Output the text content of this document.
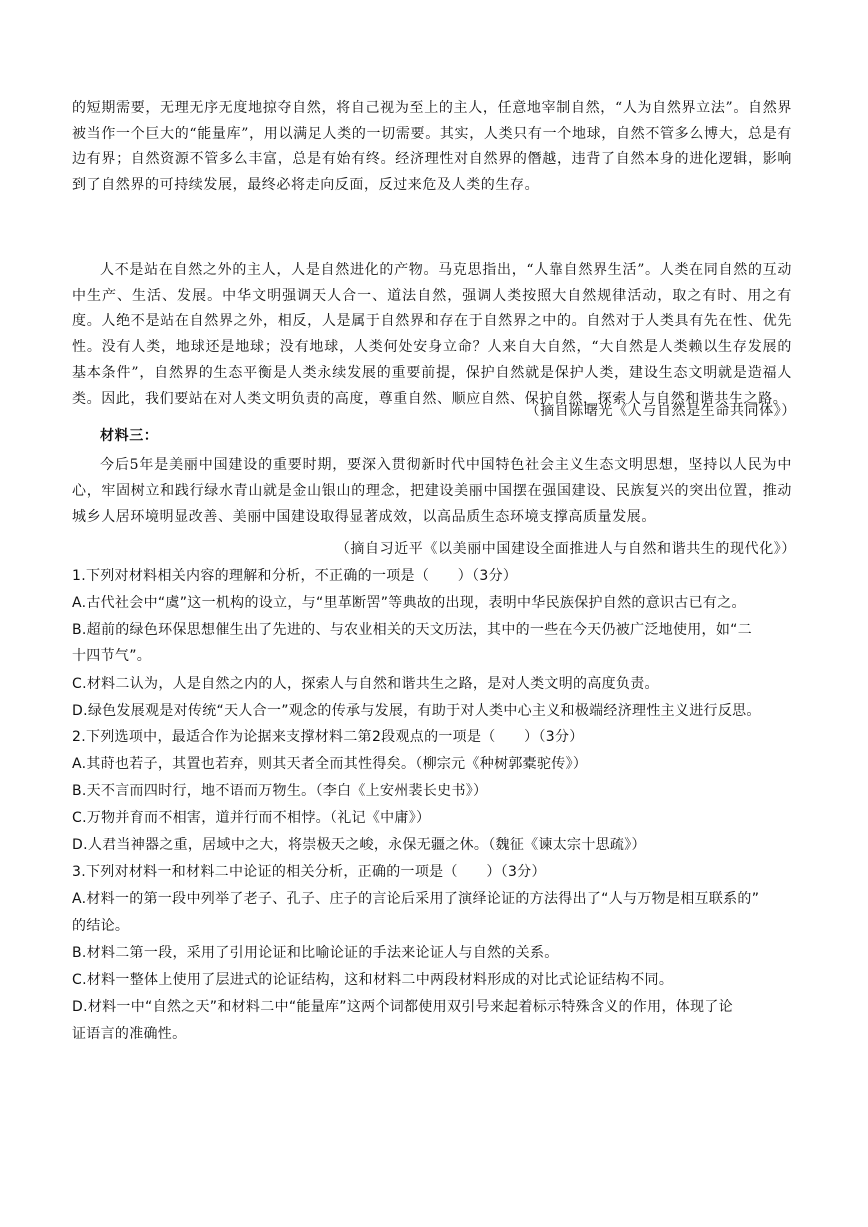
的短期需要，无理无序无度地掠夺自然，将自己视为至上的主人，任意地宰制自然，“人为自然界立法”。自然界被当作一个巨大的“能量库”，用以满足人类的一切需要。其实，人类只有一个地球，自然不管多么博大，总是有边有界；自然资源不管多么丰富，总是有始有终。经济理性对自然界的僭越，违背了自然本身的进化逻辑，影响到了自然界的可持续发展，最终必将走向反面，反过来危及人类的生存。

人不是站在自然之外的主人，人是自然进化的产物。马克思指出，“人靠自然界生活”。人类在同自然的互动中生产、生活、发展。中华文明强调天人合一、道法自然，强调人类按照大自然规律活动，取之有时、用之有度。人绝不是站在自然界之外，相反，人是属于自然界和存在于自然界之中的。自然对于人类具有先在性、优先性。没有人类，地球还是地球；没有地球，人类何处安身立命？人来自大自然，“大自然是人类赖以生存发展的基本条件”，自然界的生态平衡是人类永续发展的重要前提，保护自然就是保护人类，建设生态文明就是造福人类。因此，我们要站在对人类文明负责的高度，尊重自然、顺应自然、保护自然，探索人与自然和谐共生之路。

（摘自陈曙光《人与自然是生命共同体》）
材料三：

今后5年是美丽中国建设的重要时期，要深入贯彻新时代中国特色社会主义生态文明思想，坚持以人民为中心，牢固树立和践行绿水青山就是金山银山的理念，把建设美丽中国摆在强国建设、民族复兴的突出位置，推动城乡人居环境明显改善、美丽中国建设取得显著成效，以高品质生态环境支撑高质量发展。

（摘自习近平《以美丽中国建设全面推进人与自然和谐共生的现代化》）
1.下列对材料相关内容的理解和分析，不正确的一项是（　　）（3分）
A.古代社会中“虞”这一机构的设立，与“里革断罟”等典故的出现，表明中华民族保护自然的意识古已有之。
B.超前的绿色环保思想催生出了先进的、与农业相关的天文历法，其中的一些在今天仍被广泛地使用，如“二
十四节气”。
C.材料二认为，人是自然之内的人，探索人与自然和谐共生之路，是对人类文明的高度负责。
D.绿色发展观是对传统“天人合一”观念的传承与发展，有助于对人类中心主义和极端经济理性主义进行反思。
2.下列选项中，最适合作为论据来支撑材料二第2段观点的一项是（　　）（3分）
A.其莳也若子，其置也若弃，则其天者全而其性得矣。（柳宗元《种树郭橐驼传》）
B.天不言而四时行，地不语而万物生。（李白《上安州裴长史书》）
C.万物并育而不相害，道并行而不相悖。（礼记《中庸》）
D.人君当神器之重，居域中之大，将崇极天之峻，永保无疆之休。（魏征《谏太宗十思疏》）
3.下列对材料一和材料二中论证的相关分析，正确的一项是（　　）（3分）
A.材料一的第一段中列举了老子、孔子、庄子的言论后采用了演绎论证的方法得出了“人与万物是相互联系的”
的结论。
B.材料二第一段，采用了引用论证和比喻论证的手法来论证人与自然的关系。
C.材料一整体上使用了层进式的论证结构，这和材料二中两段材料形成的对比式论证结构不同。
D.材料一中“自然之天”和材料二中“能量库”这两个词都使用双引号来起着标示特殊含义的作用，体现了论
证语言的准确性。
